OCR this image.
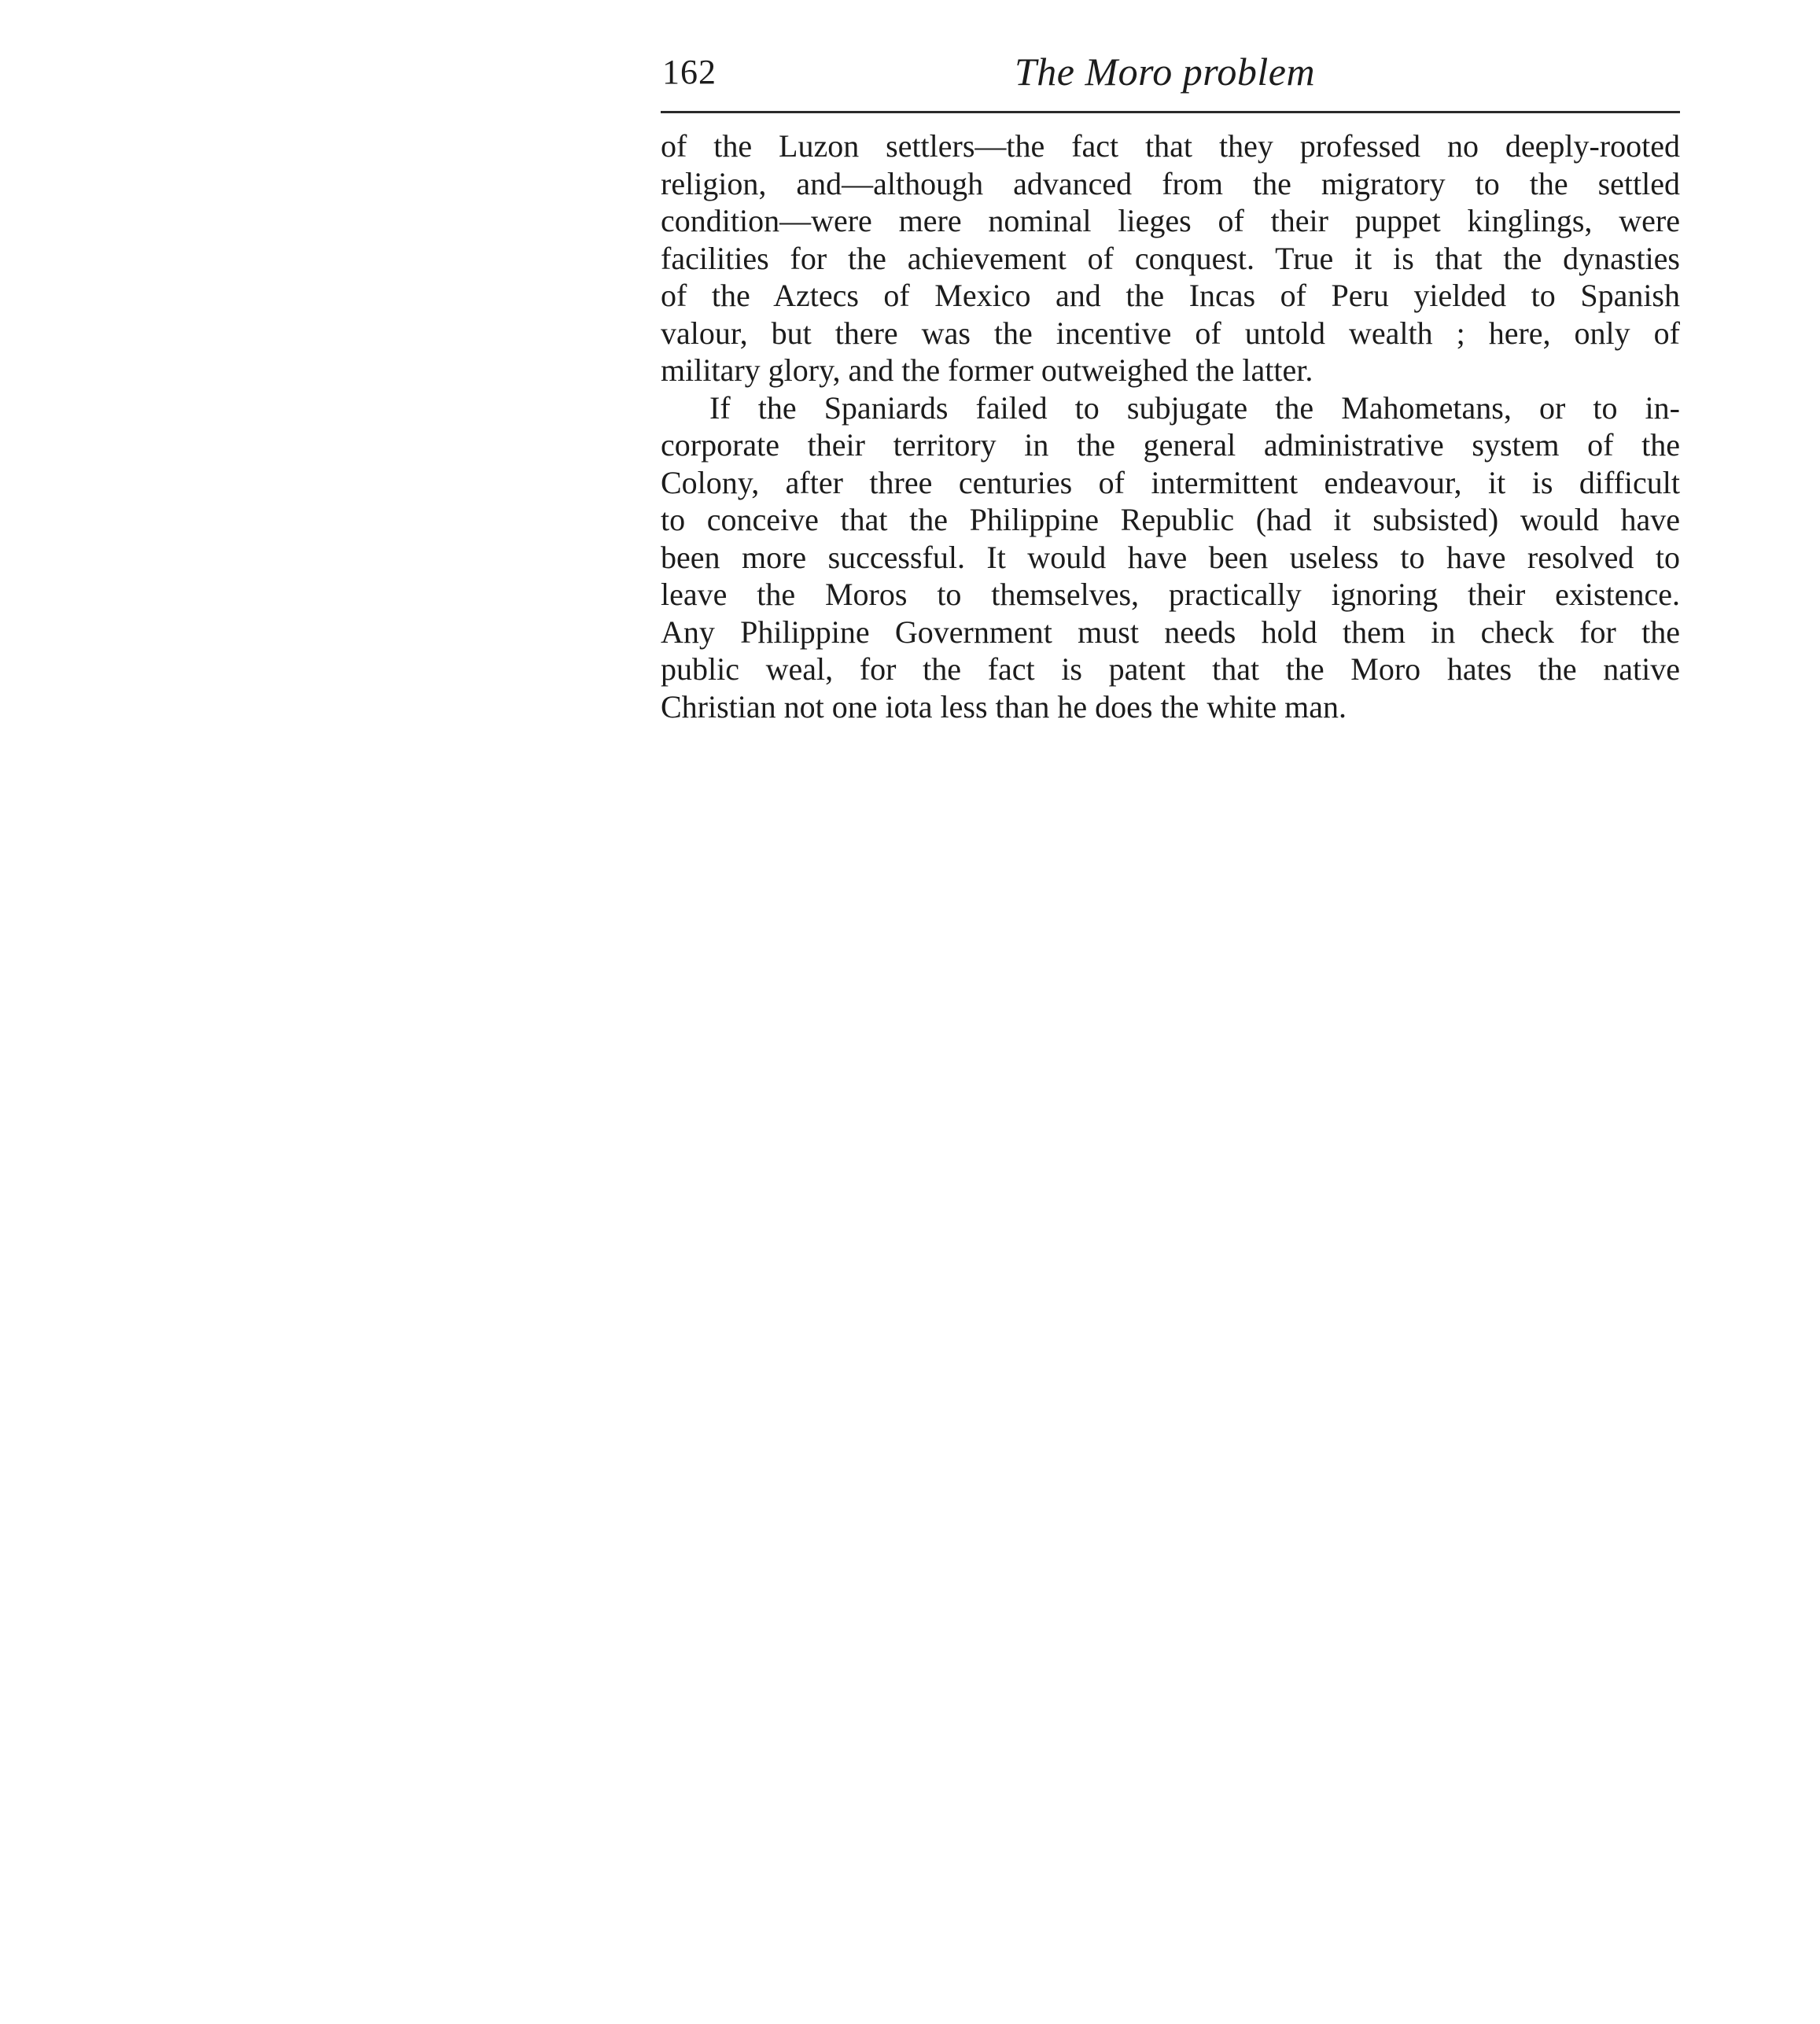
162	The Moro problem
of the Luzon settlers—the fact that they professed no deeply-rooted
religion, and—although advanced from the migratory to the settled
condition—were mere nominal lieges of their puppet kinglings, were
facilities for the achievement of conquest. True it is that the dynasties
of the Aztecs of Mexico and the Incas of Peru yielded to Spanish
valour, but there was the incentive of untold wealth ; here, only of
military glory, and the former outweighed the latter.
If the Spaniards failed to subjugate the Mahometans, or to in-
corporate their territory in the general administrative system of the
Colony, after three centuries of intermittent endeavour, it is difficult
to conceive that the Philippine Republic (had it subsisted) would have
been more successful. It would have been useless to have resolved to
leave the Moros to themselves, practically ignoring their existence.
Any Philippine Government must needs hold them in check for the
public weal, for the fact is patent that the Moro hates the native
Christian not one iota less than he does the white man.
